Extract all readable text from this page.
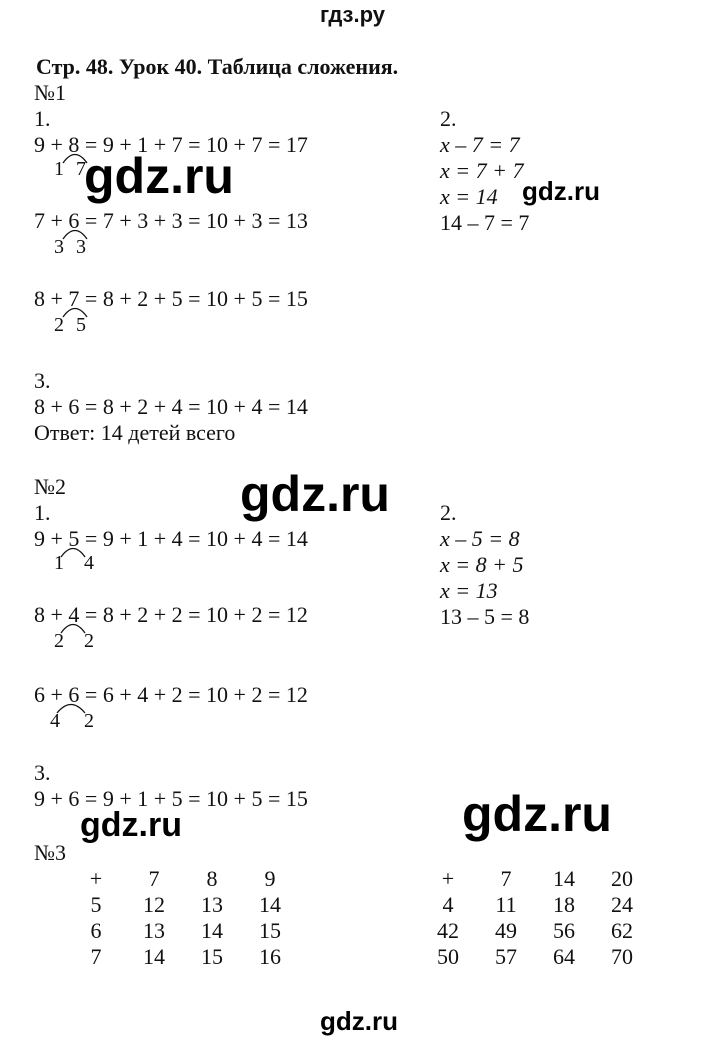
гдз.ру
Стр. 48. Урок 40. Таблица сложения.
№1
1.
9 + 8 = 9 + 1 + 7 = 10 + 7 = 17
1 7
7 + 6 = 7 + 3 + 3 = 10 + 3 = 13
3 3
8 + 7 = 8 + 2 + 5 = 10 + 5 = 15
2 5
2.
x – 7 = 7
x = 7 + 7
x = 14
14 – 7 = 7
3.
8 + 6 = 8 + 2 + 4 = 10 + 4 = 14
Ответ: 14 детей всего
№2
1.
9 + 5 = 9 + 1 + 4 = 10 + 4 = 14
1 4
8 + 4 = 8 + 2 + 2 = 10 + 2 = 12
2 2
6 + 6 = 6 + 4 + 2 = 10 + 2 = 12
4 2
2.
x – 5 = 8
x = 8 + 5
x = 13
13 – 5 = 8
3.
9 + 6 = 9 + 1 + 5 = 10 + 5 = 15
№3
+	7	8	9
5	12	13	14
6	13	14	15
7	14	15	16
+	7	14	20
4	11	18	24
42	49	56	62
50	57	64	70
gdz.ru	gdz.ru
gdz.ru
gdz.ru
gdz.ru
gdz.ru
